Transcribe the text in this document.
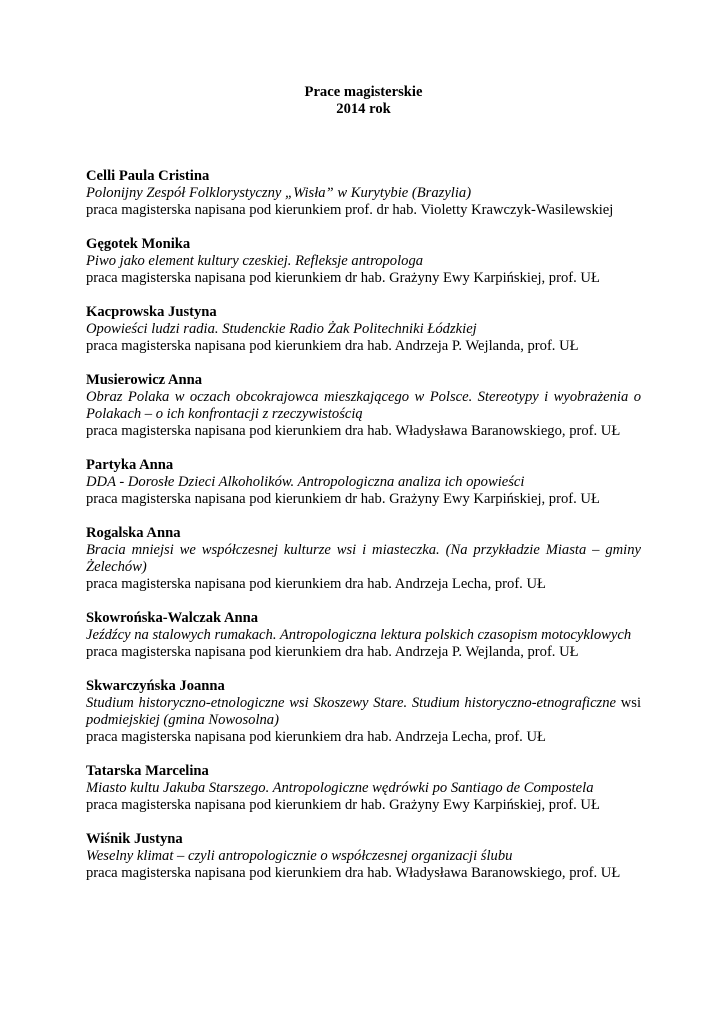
Prace magisterskie

2014 rok

Celli Paula Cristina
Polonijny Zespół Folklorystyczny „Wisła” w Kurytybie (Brazylia)
praca magisterska napisana pod kierunkiem prof. dr hab. Violetty Krawczyk-Wasilewskiej
Gęgotek Monika
Piwo jako element kultury czeskiej. Refleksje antropologa
praca magisterska napisana pod kierunkiem dr hab. Grażyny Ewy Karpińskiej, prof. UŁ
Kacprowska Justyna
Opowieści ludzi radia. Studenckie Radio Żak Politechniki Łódzkiej
praca magisterska napisana pod kierunkiem dra hab. Andrzeja P. Wejlanda, prof. UŁ
Musierowicz Anna
Obraz Polaka w oczach obcokrajowca mieszkającego w Polsce. Stereotypy i wyobrażenia o Polakach – o ich konfrontacji z rzeczywistością
praca magisterska napisana pod kierunkiem dra hab. Władysława Baranowskiego, prof. UŁ
Partyka Anna
DDA - Dorosłe Dzieci Alkoholików. Antropologiczna analiza ich opowieści
praca magisterska napisana pod kierunkiem dr hab. Grażyny Ewy Karpińskiej, prof. UŁ
Rogalska Anna
Bracia mniejsi we współczesnej kulturze wsi i miasteczka. (Na przykładzie Miasta – gminy Żelechów)
praca magisterska napisana pod kierunkiem dra hab. Andrzeja Lecha, prof. UŁ
Skowrońska-Walczak Anna
Jeźdźcy na stalowych rumakach. Antropologiczna lektura polskich czasopism motocyklowych
praca magisterska napisana pod kierunkiem dra hab. Andrzeja P. Wejlanda, prof. UŁ
Skwarczyńska Joanna
Studium historyczno-etnologiczne wsi Skoszewy Stare. Studium historyczno-etnograficzne wsi podmiejskiej (gmina Nowosolna)
praca magisterska napisana pod kierunkiem dra hab. Andrzeja Lecha, prof. UŁ
Tatarska Marcelina
Miasto kultu Jakuba Starszego. Antropologiczne wędrówki po Santiago de Compostela
praca magisterska napisana pod kierunkiem dr hab. Grażyny Ewy Karpińskiej, prof. UŁ
Wiśnik Justyna
Weselny klimat – czyli antropologicznie o współczesnej organizacji ślubu
praca magisterska napisana pod kierunkiem dra hab. Władysława Baranowskiego, prof. UŁ
